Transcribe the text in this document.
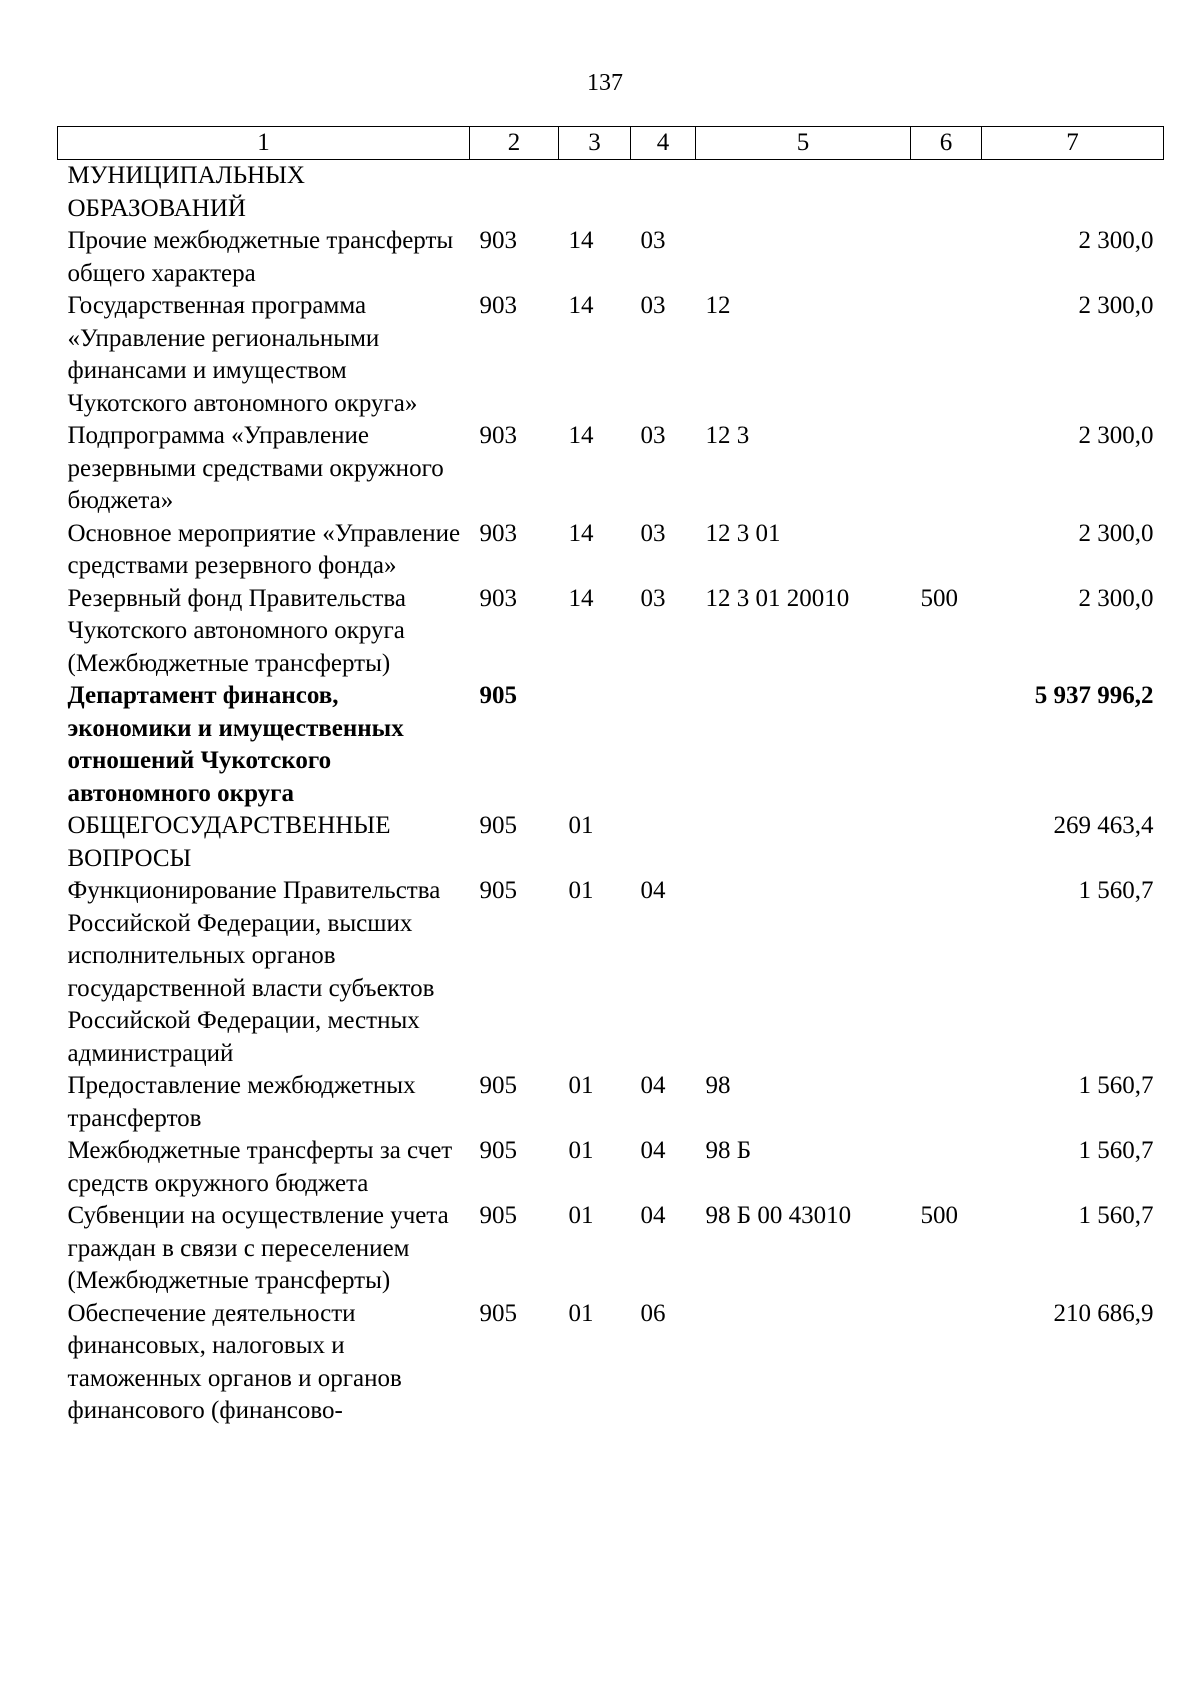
137
1	2	3	4	5	6	7
МУНИЦИПАЛЬНЫХ ОБРАЗОВАНИЙ						
Прочие межбюджетные трансферты общего характера	903	14	03			2 300,0
Государственная программа «Управление региональными финансами и имуществом Чукотского автономного округа»	903	14	03	12		2 300,0
Подпрограмма «Управление резервными средствами окружного бюджета»	903	14	03	12 3		2 300,0
Основное мероприятие «Управление средствами резервного фонда»	903	14	03	12 3 01		2 300,0
Резервный фонд Правительства Чукотского автономного округа (Межбюджетные трансферты)	903	14	03	12 3 01 20010	500	2 300,0
Департамент финансов, экономики и имущественных отношений Чукотского автономного округа	905					5 937 996,2
ОБЩЕГОСУДАРСТВЕННЫЕ ВОПРОСЫ	905	01				269 463,4
Функционирование Правительства Российской Федерации, высших исполнительных органов государственной власти субъектов Российской Федерации, местных администраций	905	01	04			1 560,7
Предоставление межбюджетных трансфертов	905	01	04	98		1 560,7
Межбюджетные трансферты за счет средств окружного бюджета	905	01	04	98 Б		1 560,7
Субвенции на осуществление учета граждан в связи с переселением (Межбюджетные трансферты)	905	01	04	98 Б 00 43010	500	1 560,7
Обеспечение деятельности финансовых, налоговых и таможенных органов и органов финансового (финансово-	905	01	06			210 686,9
